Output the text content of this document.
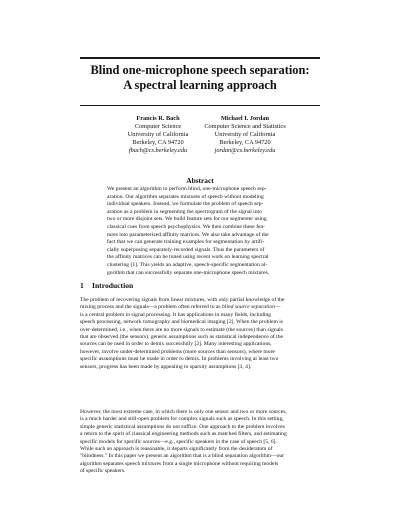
Blind one-microphone speech separation:
A spectral learning approach
Francis R. Bach
Computer Science
University of California
Berkeley, CA 94720
fbach@cs.berkeley.edu
Michael I. Jordan
Computer Science and Statistics
University of California
Berkeley, CA 94720
jordan@cs.berkeley.edu
Abstract
We present an algorithm to perform blind, one-microphone speech sep-
aration. Our algorithm separates mixtures of speech without modeling
individual speakers. Instead, we formulate the problem of speech sep-
aration as a problem in segmenting the spectrogram of the signal into
two or more disjoint sets. We build feature sets for our segmenter using
classical cues from speech psychophysics. We then combine these fea-
tures into parameterized affinity matrices. We also take advantage of the
fact that we can generate training examples for segmentation by artifi-
cially superposing separately-recorded signals. Thus the parameters of
the affinity matrices can be tuned using recent work on learning spectral
clustering [1]. This yields an adaptive, speech-specific segmentation al-
gorithm that can successfully separate one-microphone speech mixtures.
1 Introduction
The problem of recovering signals from linear mixtures, with only partial knowledge of the
mixing process and the signals—a problem often referred to as blind source separation—
is a central problem in signal processing. It has applications in many fields, including
speech processing, network tomography and biomedical imaging [2]. When the problem is
over-determined, i.e., when there are no more signals to estimate (the sources) than signals
that are observed (the sensors), generic assumptions such as statistical independence of the
sources can be used in order to demix successfully [2]. Many interesting applications,
however, involve under-determined problems (more sources than sensors), where more
specific assumptions must be made in order to demix. In problems involving at least two
sensors, progress has been made by appealing to sparsity assumptions [3, 4].
However, the most extreme case, in which there is only one sensor and two or more sources,
is a much harder and still-open problem for complex signals such as speech. In this setting,
simple generic statistical assumptions do not suffice. One approach to the problem involves
a return to the spirit of classical engineering methods such as matched filters, and estimating
specific models for specific sources—e.g., specific speakers in the case of speech [5, 6].
While such an approach is reasonable, it departs significantly from the desideratum of
"blindness." In this paper we present an algorithm that is a blind separation algorithm—our
algorithm separates speech mixtures from a single microphone without requiring models
of specific speakers.
